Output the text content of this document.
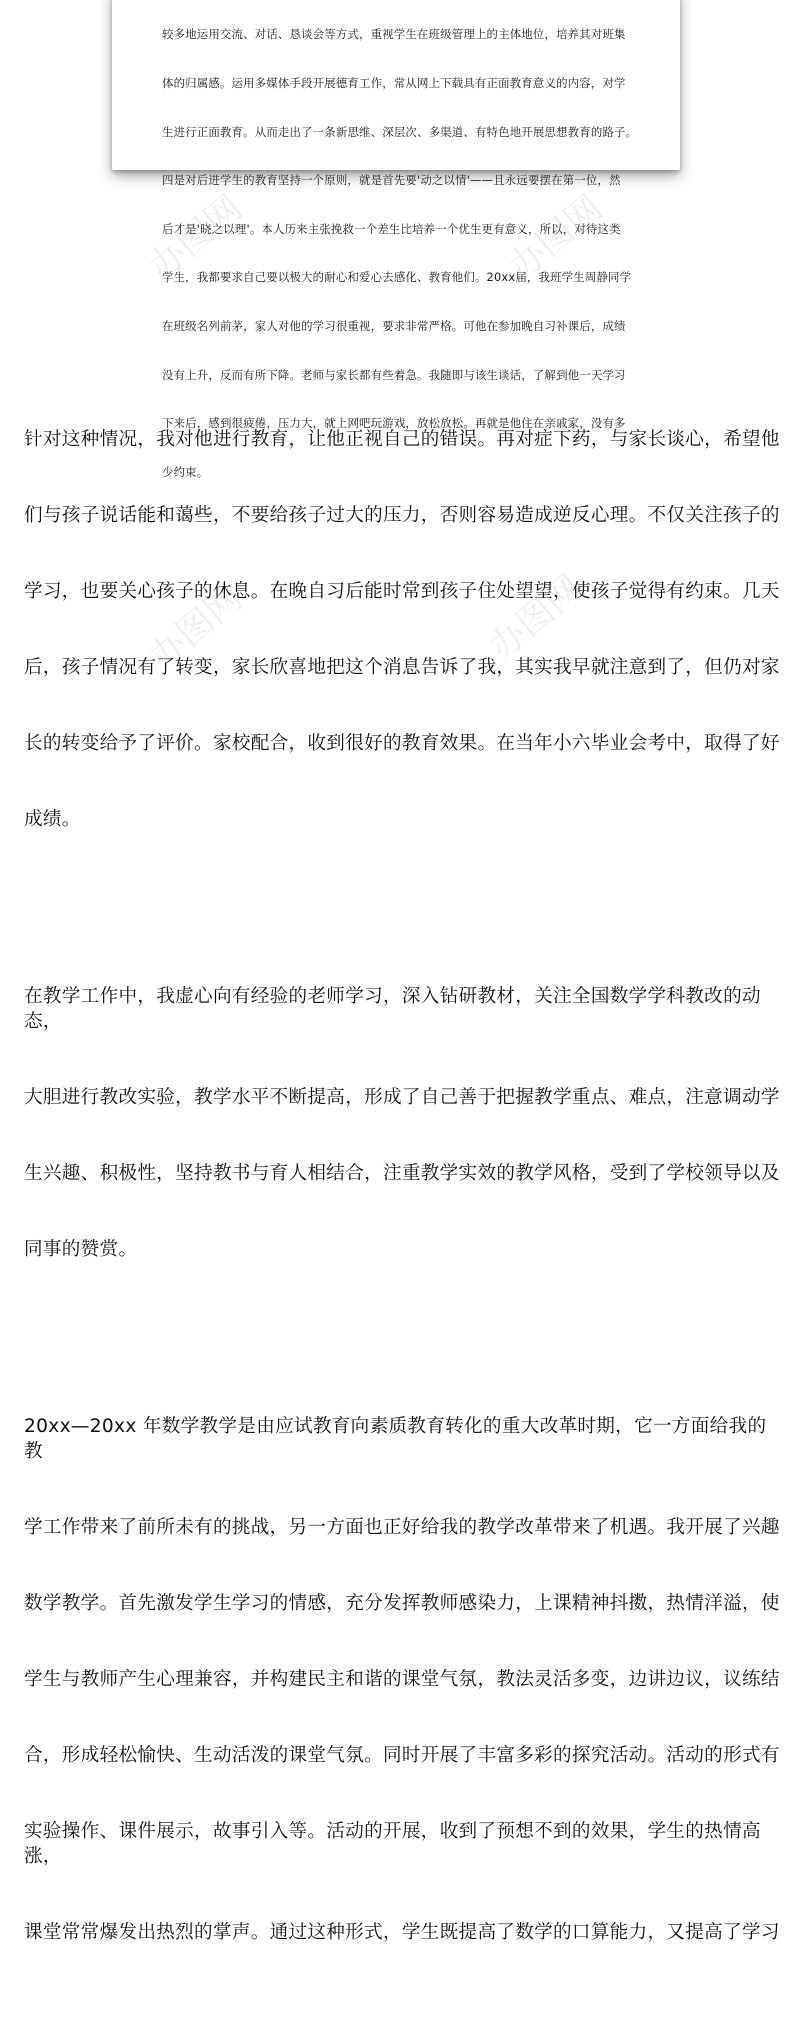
较多地运用交流、对话、恳谈会等方式，重视学生在班级管理上的主体地位，培养其对班集

体的归属感。运用多媒体手段开展德育工作，常从网上下载具有正面教育意义的内容，对学

生进行正面教育。从而走出了一条新思维、深层次、多渠道、有特色地开展思想教育的路子。

四是对后进学生的教育坚持一个原则，就是首先要'动之以情'——且永远要摆在第一位，然

后才是'晓之以理'。本人历来主张挽救一个差生比培养一个优生更有意义，所以，对待这类

学生，我都要求自己要以极大的耐心和爱心去感化、教育他们。20xx届，我班学生周静同学

在班级名列前茅，家人对他的学习很重视，要求非常严格。可他在参加晚自习补课后，成绩

没有上升，反而有所下降。老师与家长都有些着急。我随即与该生谈话，了解到他一天学习

下来后，感到很疲倦，压力大，就上网吧玩游戏，放松放松。再就是他住在亲戚家，没有多

少约束。

办图网	办图网
办图网	办图网

针对这种情况，我对他进行教育，让他正视自己的错误。再对症下药，与家长谈心，希望他

们与孩子说话能和蔼些，不要给孩子过大的压力，否则容易造成逆反心理。不仅关注孩子的

学习，也要关心孩子的休息。在晚自习后能时常到孩子住处望望，使孩子觉得有约束。几天

后，孩子情况有了转变，家长欣喜地把这个消息告诉了我，其实我早就注意到了，但仍对家

长的转变给予了评价。家校配合，收到很好的教育效果。在当年小六毕业会考中，取得了好

成绩。

在教学工作中，我虚心向有经验的老师学习，深入钻研教材，关注全国数学学科教改的动态，

大胆进行教改实验，教学水平不断提高，形成了自己善于把握教学重点、难点，注意调动学

生兴趣、积极性，坚持教书与育人相结合，注重教学实效的教学风格，受到了学校领导以及

同事的赞赏。

20xx—20xx 年数学教学是由应试教育向素质教育转化的重大改革时期，它一方面给我的教

学工作带来了前所未有的挑战，另一方面也正好给我的教学改革带来了机遇。我开展了兴趣

数学教学。首先激发学生学习的情感，充分发挥教师感染力，上课精神抖擞，热情洋溢，使

学生与教师产生心理兼容，并构建民主和谐的课堂气氛，教法灵活多变，边讲边议，议练结

合，形成轻松愉快、生动活泼的课堂气氛。同时开展了丰富多彩的探究活动。活动的形式有

实验操作、课件展示，故事引入等。活动的开展，收到了预想不到的效果，学生的热情高涨，

课堂常常爆发出热烈的掌声。通过这种形式，学生既提高了数学的口算能力，又提高了学习
